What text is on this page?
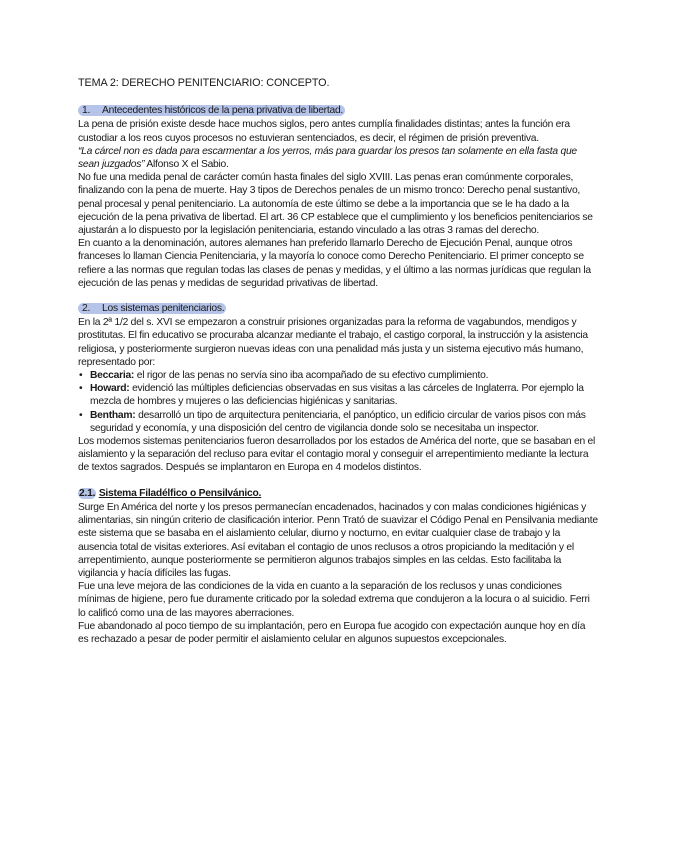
TEMA 2: DERECHO PENITENCIARIO: CONCEPTO.
1. Antecedentes históricos de la pena privativa de libertad.

La pena de prisión existe desde hace muchos siglos, pero antes cumplía finalidades distintas; antes la función era custodiar a los reos cuyos procesos no estuvieran sentenciados, es decir, el régimen de prisión preventiva.

“La cárcel non es dada para escarmentar a los yerros, más para guardar los presos tan solamente en ella fasta que sean juzgados” Alfonso X el Sabio.

No fue una medida penal de carácter común hasta finales del siglo XVIII. Las penas eran comúnmente corporales, finalizando con la pena de muerte. Hay 3 tipos de Derechos penales de un mismo tronco: Derecho penal sustantivo, penal procesal y penal penitenciario. La autonomía de este último se debe a la importancia que se le ha dado a la ejecución de la pena privativa de libertad. El art. 36 CP establece que el cumplimiento y los beneficios penitenciarios se ajustarán a lo dispuesto por la legislación penitenciaria, estando vinculado a las otras 3 ramas del derecho.

En cuanto a la denominación, autores alemanes han preferido llamarlo Derecho de Ejecución Penal, aunque otros franceses lo llaman Ciencia Penitenciaria, y la mayoría lo conoce como Derecho Penitenciario. El primer concepto se refiere a las normas que regulan todas las clases de penas y medidas, y el último a las normas jurídicas que regulan la ejecución de las penas y medidas de seguridad privativas de libertad.

2. Los sistemas penitenciarios.

En la 2ª 1/2 del s. XVI se empezaron a construir prisiones organizadas para la reforma de vagabundos, mendigos y prostitutas. El fin educativo se procuraba alcanzar mediante el trabajo, el castigo corporal, la instrucción y la asistencia religiosa, y posteriormente surgieron nuevas ideas con una penalidad más justa y un sistema ejecutivo más humano, representado por:

• Beccaria: el rigor de las penas no servía sino iba acompañado de su efectivo cumplimiento.
• Howard: evidenció las múltiples deficiencias observadas en sus visitas a las cárceles de Inglaterra. Por ejemplo la mezcla de hombres y mujeres o las deficiencias higiénicas y sanitarias.
• Bentham: desarrolló un tipo de arquitectura penitenciaria, el panóptico, un edificio circular de varios pisos con más seguridad y economía, y una disposición del centro de vigilancia donde solo se necesitaba un inspector.

Los modernos sistemas penitenciarios fueron desarrollados por los estados de América del norte, que se basaban en el aislamiento y la separación del recluso para evitar el contagio moral y conseguir el arrepentimiento mediante la lectura de textos sagrados. Después se implantaron en Europa en 4 modelos distintos.

2.1. Sistema Filadélfico o Pensilvánico.

Surge En América del norte y los presos permanecían encadenados, hacinados y con malas condiciones higiénicas y alimentarias, sin ningún criterio de clasificación interior. Penn Trató de suavizar el Código Penal en Pensilvania mediante este sistema que se basaba en el aislamiento celular, diurno y nocturno, en evitar cualquier clase de trabajo y la ausencia total de visitas exteriores. Así evitaban el contagio de unos reclusos a otros propiciando la meditación y el arrepentimiento, aunque posteriormente se permitieron algunos trabajos simples en las celdas. Esto facilitaba la vigilancia y hacía difíciles las fugas.

Fue una leve mejora de las condiciones de la vida en cuanto a la separación de los reclusos y unas condiciones mínimas de higiene, pero fue duramente criticado por la soledad extrema que condujeron a la locura o al suicidio. Ferri lo calificó como una de las mayores aberraciones.

Fue abandonado al poco tiempo de su implantación, pero en Europa fue acogido con expectación aunque hoy en día es rechazado a pesar de poder permitir el aislamiento celular en algunos supuestos excepcionales.
